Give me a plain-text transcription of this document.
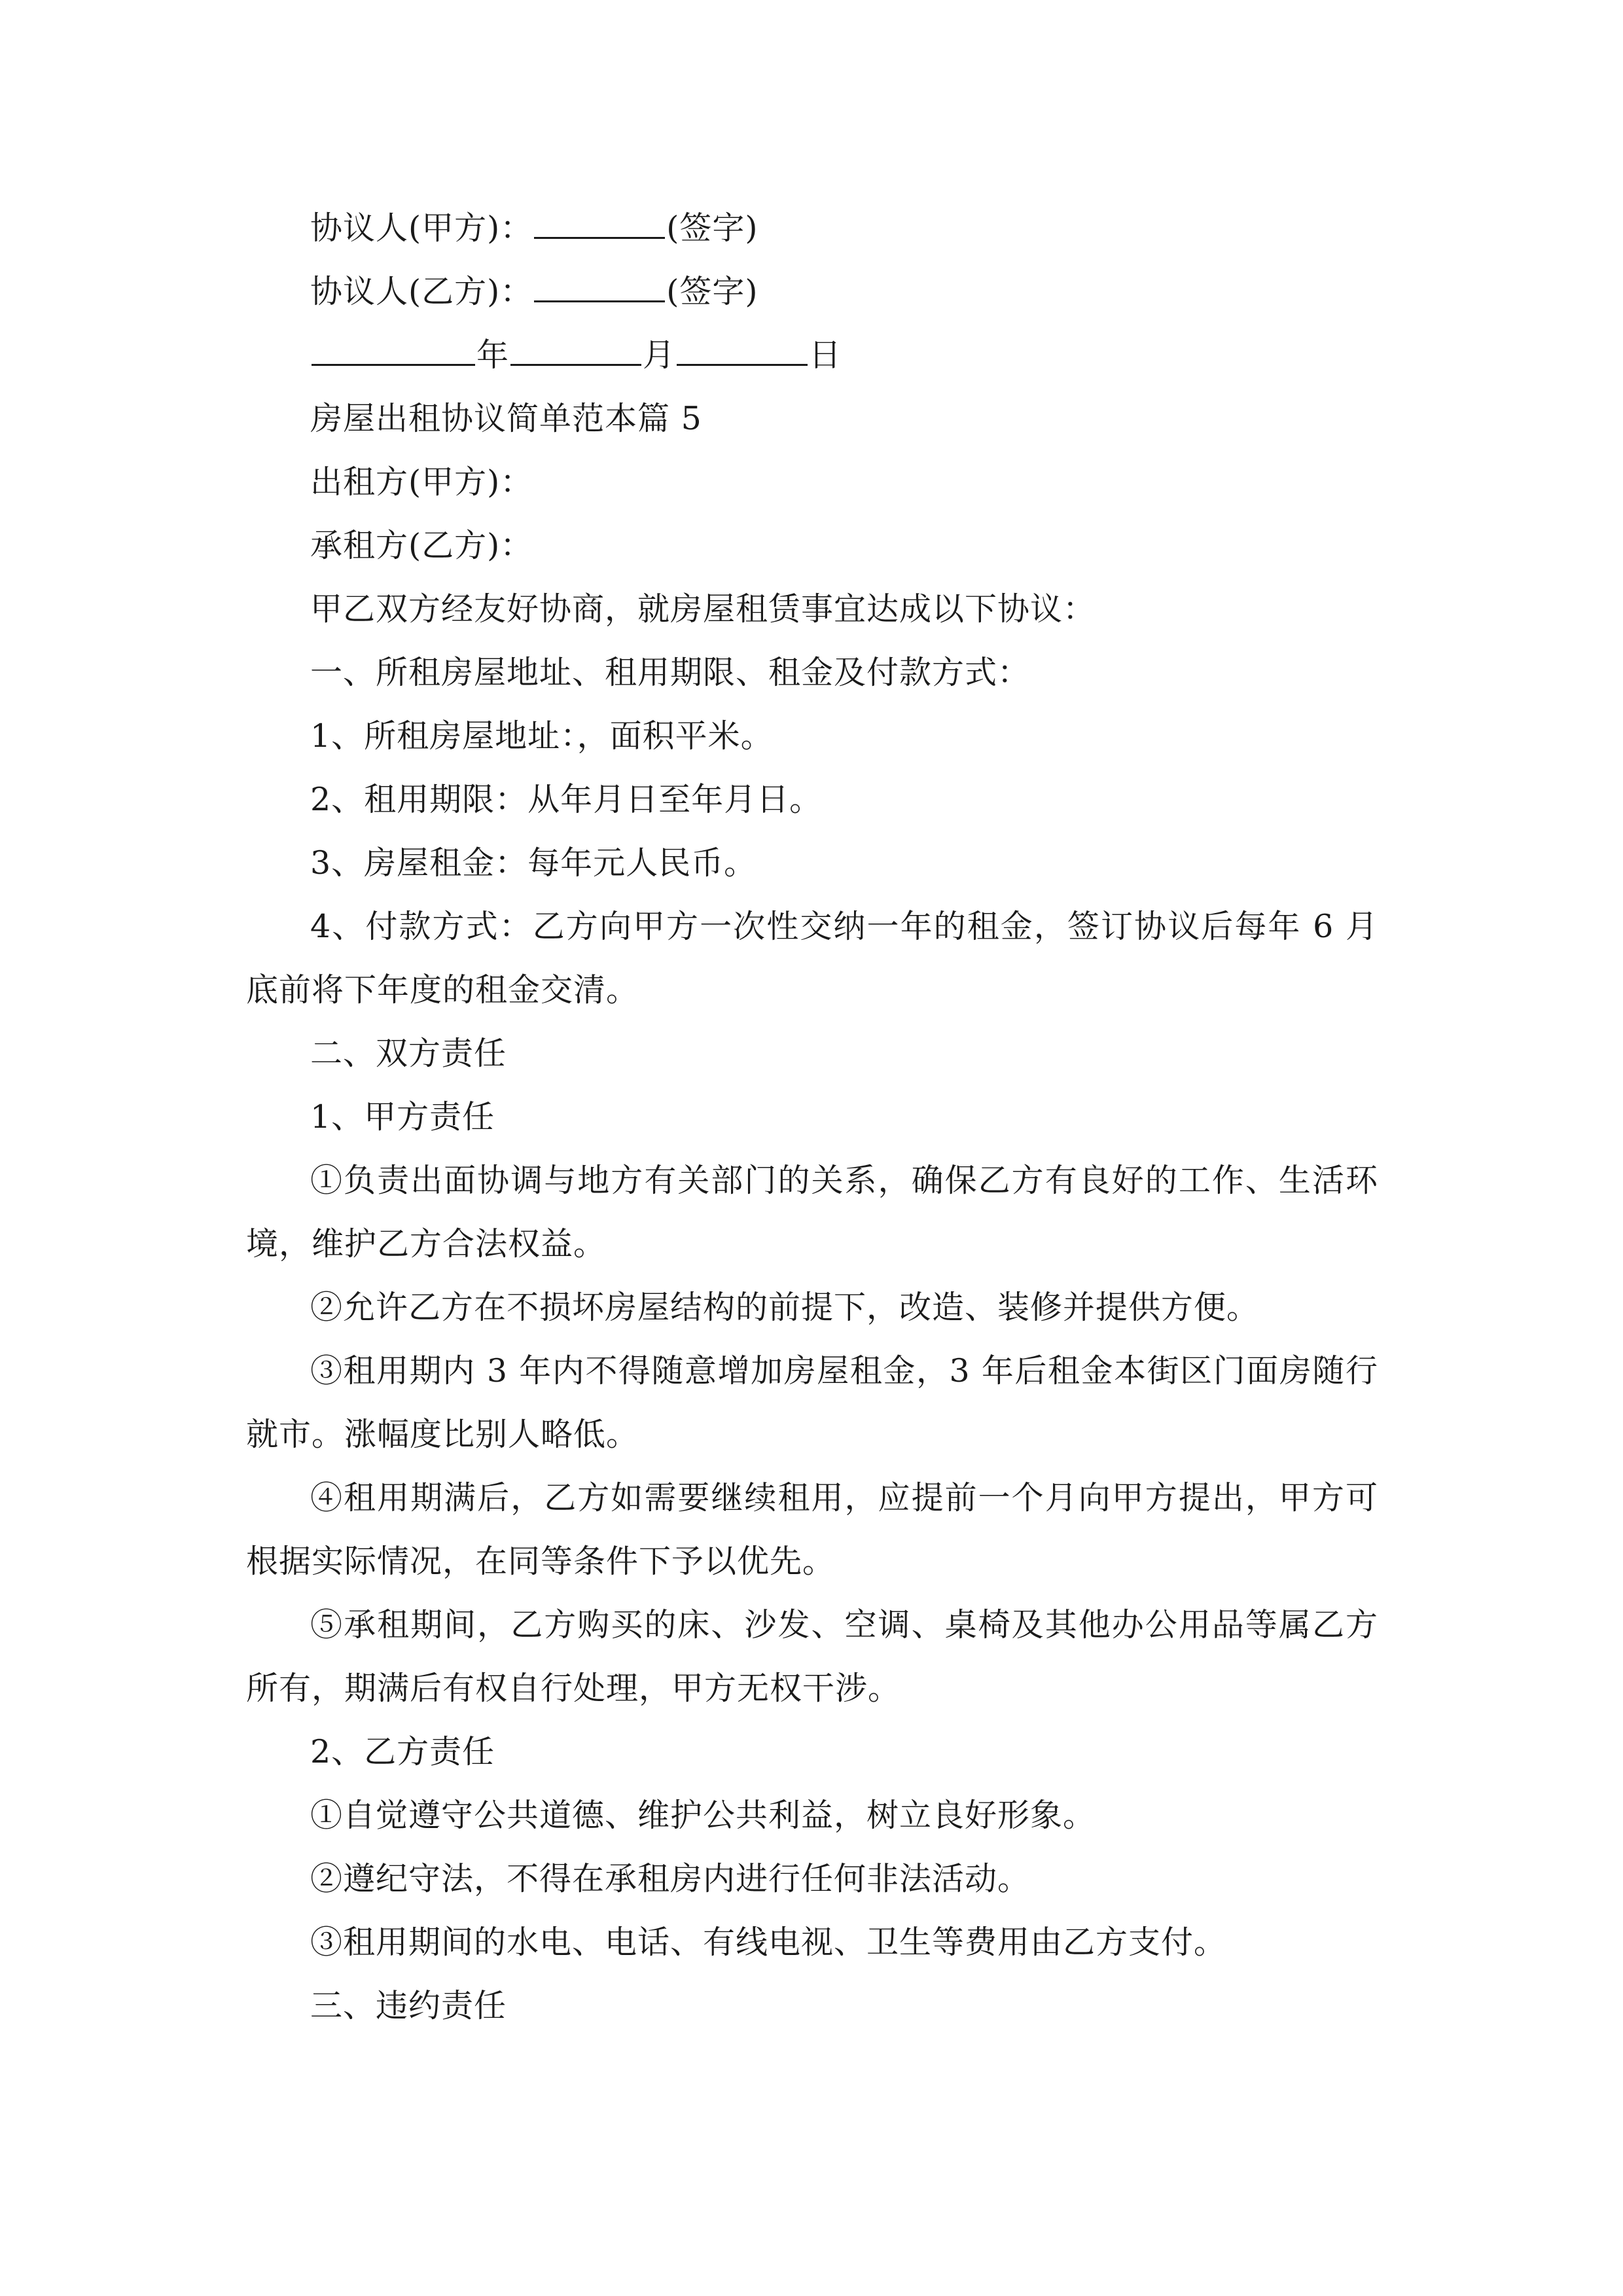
协议人(甲方)：	(签字)

协议人(乙方)：	(签字)

年	月	日

房屋出租协议简单范本篇 5

出租方(甲方)：

承租方(乙方)：

甲乙双方经友好协商，就房屋租赁事宜达成以下协议：

一、所租房屋地址、租用期限、租金及付款方式：

1、所租房屋地址：，面积平米。

2、租用期限：从年月日至年月日。

3、房屋租金：每年元人民币。

4、付款方式：乙方向甲方一次性交纳一年的租金，签订协议后每年 6 月底前将下年度的租金交清。

二、双方责任

1、甲方责任

①负责出面协调与地方有关部门的关系，确保乙方有良好的工作、生活环境，维护乙方合法权益。

②允许乙方在不损坏房屋结构的前提下，改造、装修并提供方便。

③租用期内 3 年内不得随意增加房屋租金，3 年后租金本街区门面房随行就市。涨幅度比别人略低。

④租用期满后，乙方如需要继续租用，应提前一个月向甲方提出，甲方可根据实际情况，在同等条件下予以优先。

⑤承租期间，乙方购买的床、沙发、空调、桌椅及其他办公用品等属乙方所有，期满后有权自行处理，甲方无权干涉。

2、乙方责任

①自觉遵守公共道德、维护公共利益，树立良好形象。

②遵纪守法，不得在承租房内进行任何非法活动。

③租用期间的水电、电话、有线电视、卫生等费用由乙方支付。

三、违约责任
